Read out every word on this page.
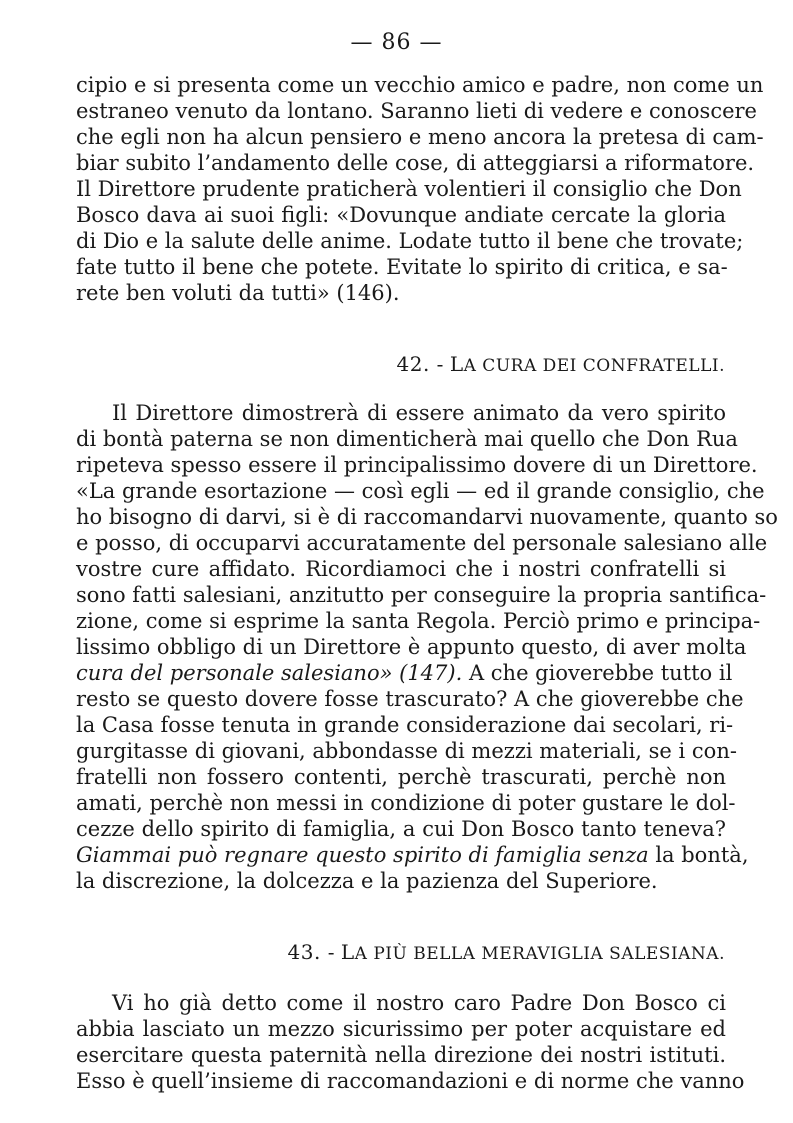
— 86 —
cipio e si presenta come un vecchio amico e padre, non come un
estraneo venuto da lontano. Saranno lieti di vedere e conoscere
che egli non ha alcun pensiero e meno ancora la pretesa di cam-
biar subito l’andamento delle cose, di atteggiarsi a riformatore.
Il Direttore prudente praticherà volentieri il consiglio che Don
Bosco dava ai suoi figli: «Dovunque andiate cercate la gloria
di Dio e la salute delle anime. Lodate tutto il bene che trovate;
fate tutto il bene che potete. Evitate lo spirito di critica, e sa-
rete ben voluti da tutti» (146).
42. - LA CURA DEI CONFRATELLI.
Il Direttore dimostrerà di essere animato da vero spirito
di bontà paterna se non dimenticherà mai quello che Don Rua
ripeteva spesso essere il principalissimo dovere di un Direttore.
«La grande esortazione — così egli — ed il grande consiglio, che
ho bisogno di darvi, si è di raccomandarvi nuovamente, quanto so
e posso, di occuparvi accuratamente del personale salesiano alle
vostre cure affidato. Ricordiamoci che i nostri confratelli si
sono fatti salesiani, anzitutto per conseguire la propria santifica-
zione, come si esprime la santa Regola. Perciò primo e principa-
lissimo obbligo di un Direttore è appunto questo, di aver molta
cura del personale salesiano» (147). A che gioverebbe tutto il
resto se questo dovere fosse trascurato? A che gioverebbe che
la Casa fosse tenuta in grande considerazione dai secolari, ri-
gurgitasse di giovani, abbondasse di mezzi materiali, se i con-
fratelli non fossero contenti, perchè trascurati, perchè non
amati, perchè non messi in condizione di poter gustare le dol-
cezze dello spirito di famiglia, a cui Don Bosco tanto teneva?
Giammai può regnare questo spirito di famiglia senza la bontà,
la discrezione, la dolcezza e la pazienza del Superiore.
43. - LA PIÙ BELLA MERAVIGLIA SALESIANA.
Vi ho già detto come il nostro caro Padre Don Bosco ci
abbia lasciato un mezzo sicurissimo per poter acquistare ed
esercitare questa paternità nella direzione dei nostri istituti.
Esso è quell’insieme di raccomandazioni e di norme che vanno
